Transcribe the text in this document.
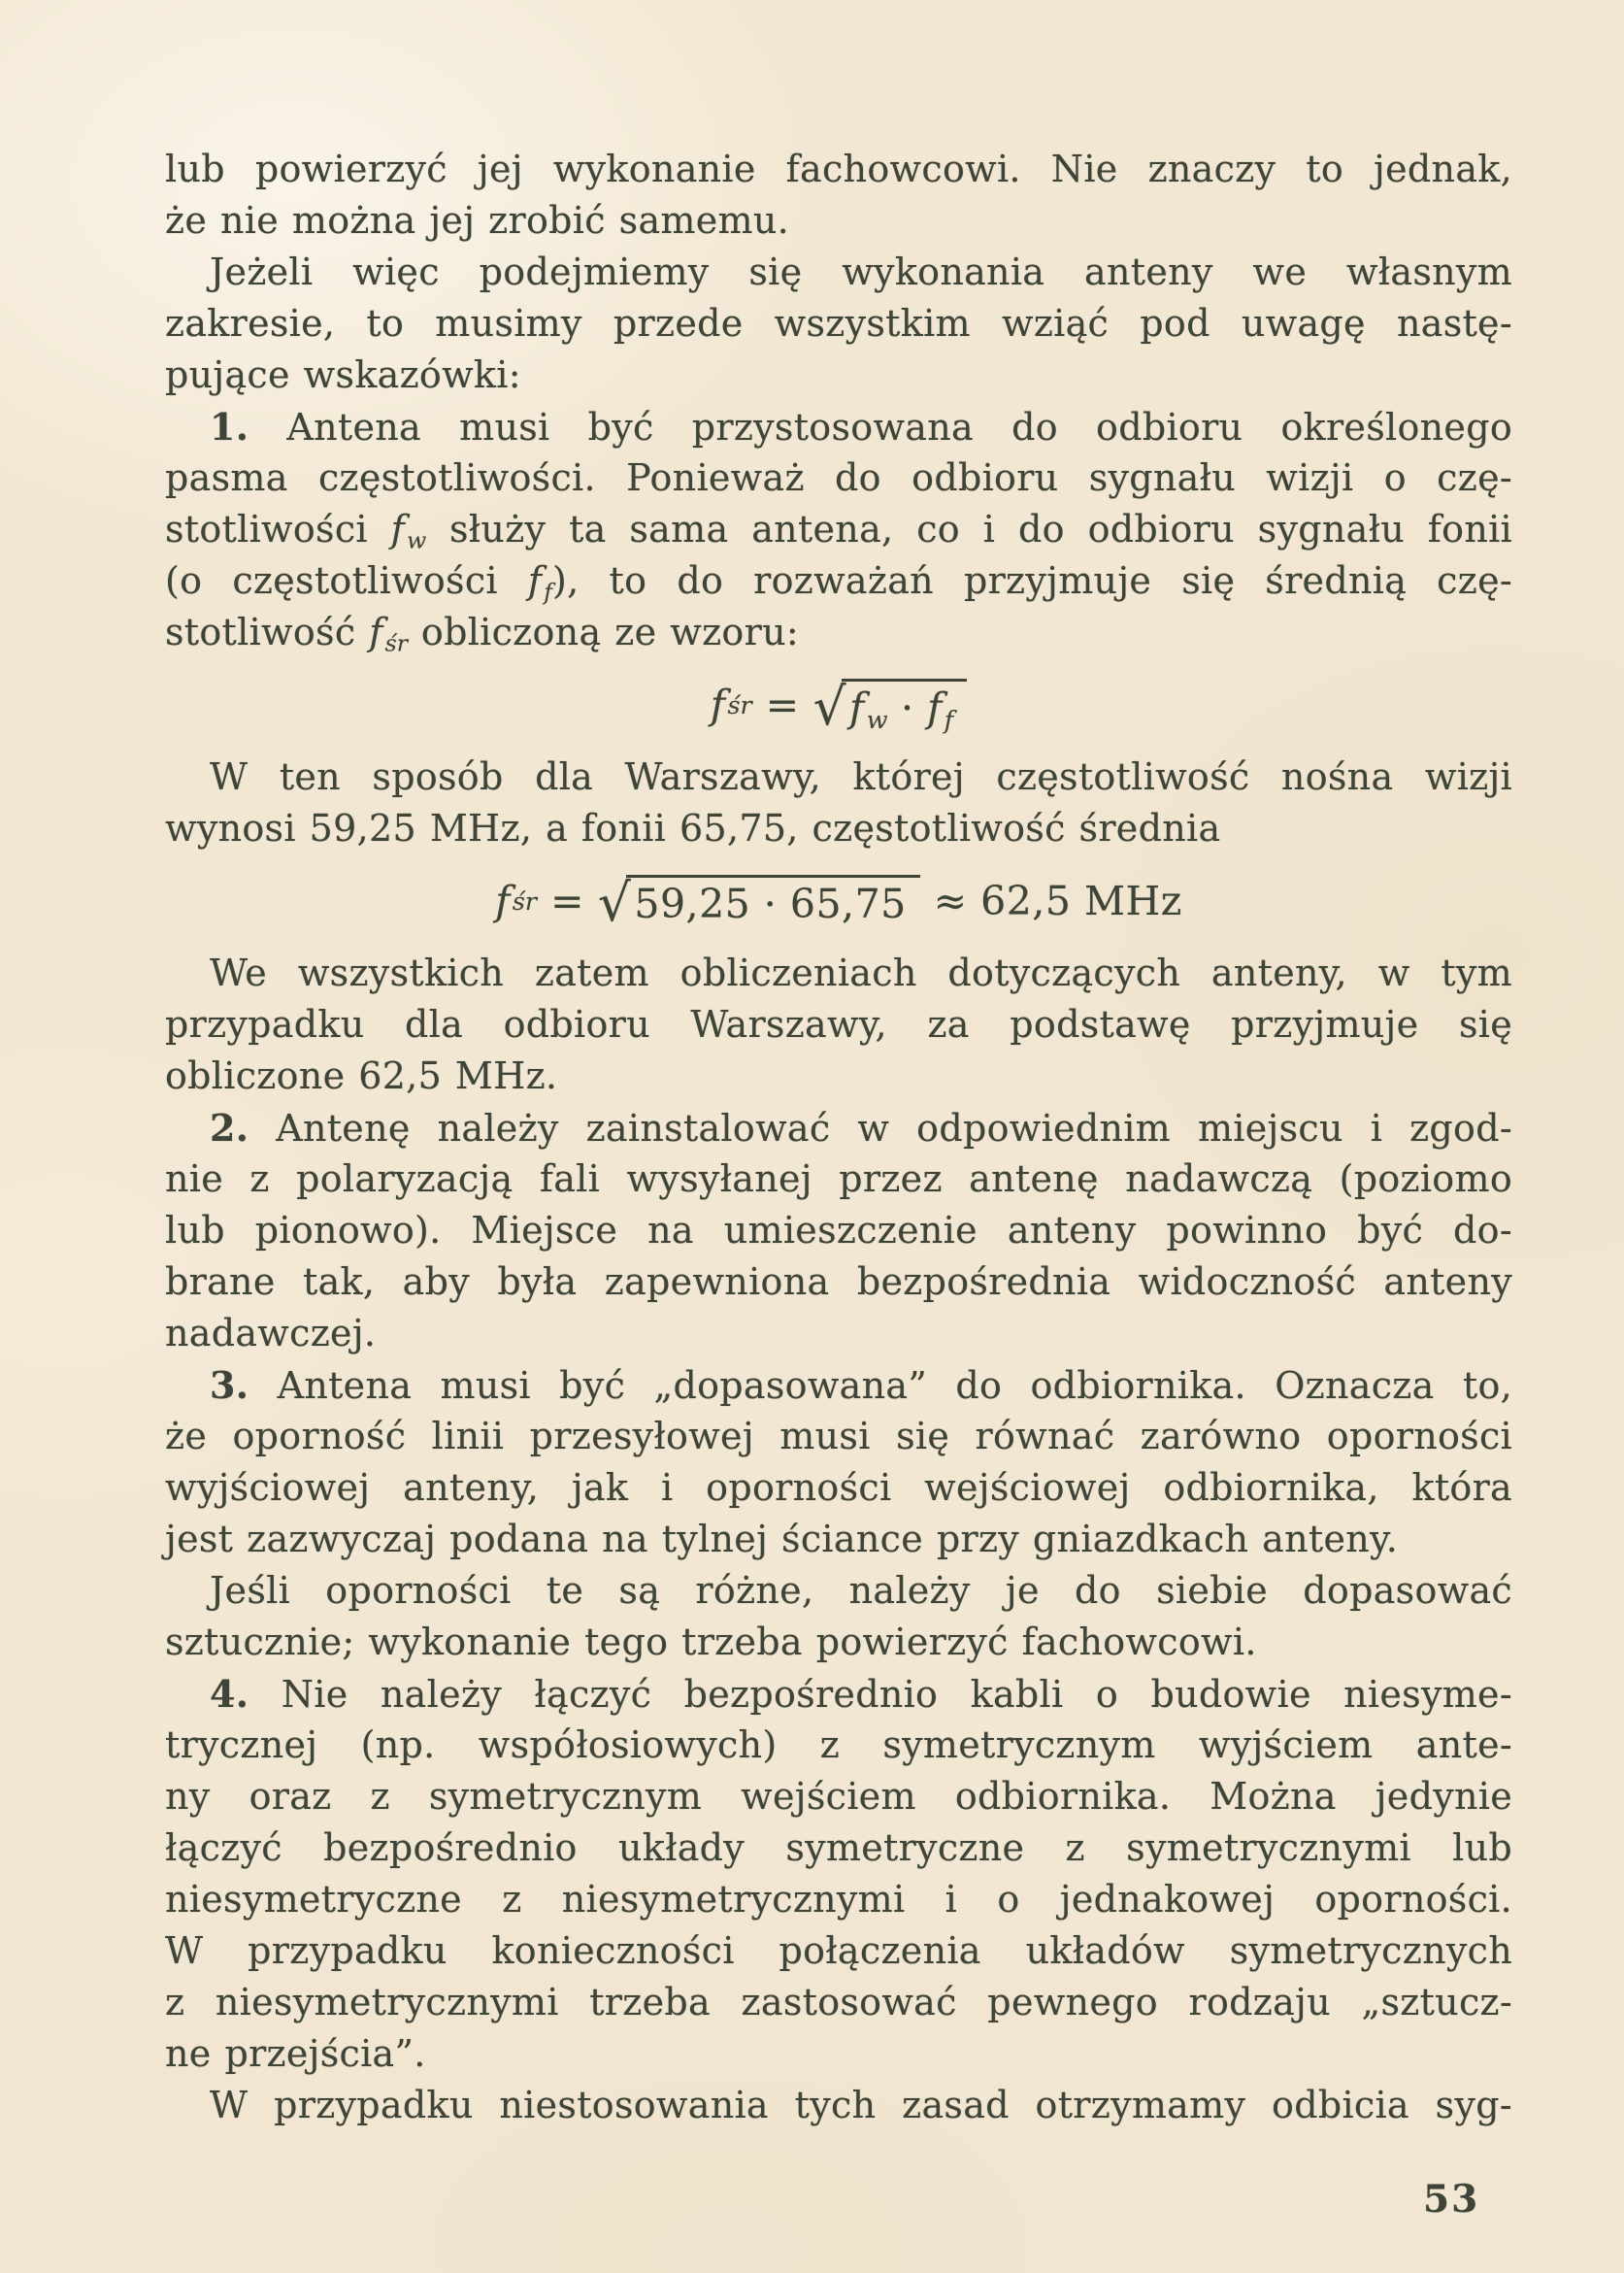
lub powierzyć jej wykonanie fachowcowi. Nie znaczy to jednak,
że nie można jej zrobić samemu.
Jeżeli więc podejmiemy się wykonania anteny we własnym
zakresie, to musimy przede wszystkim wziąć pod uwagę nastę-
pujące wskazówki:
1. Antena musi być przystosowana do odbioru określonego
pasma częstotliwości. Ponieważ do odbioru sygnału wizji o czę-
stotliwości $f_w$ służy ta sama antena, co i do odbioru sygnału fonii
(o częstotliwości $f_f$), to do rozważań przyjmuje się średnią czę-
stotliwość $f_{śr}$ obliczoną ze wzoru:
f śr = √ $f_w \cdot f_f$
W ten sposób dla Warszawy, której częstotliwość nośna wizji
wynosi 59,25 MHz, a fonii 65,75, częstotliwość średnia
f śr = √ 59,25 · 65,75 ≈ 62,5 MHz
We wszystkich zatem obliczeniach dotyczących anteny, w tym
przypadku dla odbioru Warszawy, za podstawę przyjmuje się
obliczone 62,5 MHz.
2. Antenę należy zainstalować w odpowiednim miejscu i zgod-
nie z polaryzacją fali wysyłanej przez antenę nadawczą (poziomo
lub pionowo). Miejsce na umieszczenie anteny powinno być do-
brane tak, aby była zapewniona bezpośrednia widoczność anteny
nadawczej.
3. Antena musi być „dopasowana” do odbiornika. Oznacza to,
że oporność linii przesyłowej musi się równać zarówno oporności
wyjściowej anteny, jak i oporności wejściowej odbiornika, która
jest zazwyczaj podana na tylnej ściance przy gniazdkach anteny.
Jeśli oporności te są różne, należy je do siebie dopasować
sztucznie; wykonanie tego trzeba powierzyć fachowcowi.
4. Nie należy łączyć bezpośrednio kabli o budowie niesyme-
trycznej (np. współosiowych) z symetrycznym wyjściem ante-
ny oraz z symetrycznym wejściem odbiornika. Można jedynie
łączyć bezpośrednio układy symetryczne z symetrycznymi lub
niesymetryczne z niesymetrycznymi i o jednakowej oporności.
W przypadku konieczności połączenia układów symetrycznych
z niesymetrycznymi trzeba zastosować pewnego rodzaju „sztucz-
ne przejścia”.
W przypadku niestosowania tych zasad otrzymamy odbicia syg-
53
